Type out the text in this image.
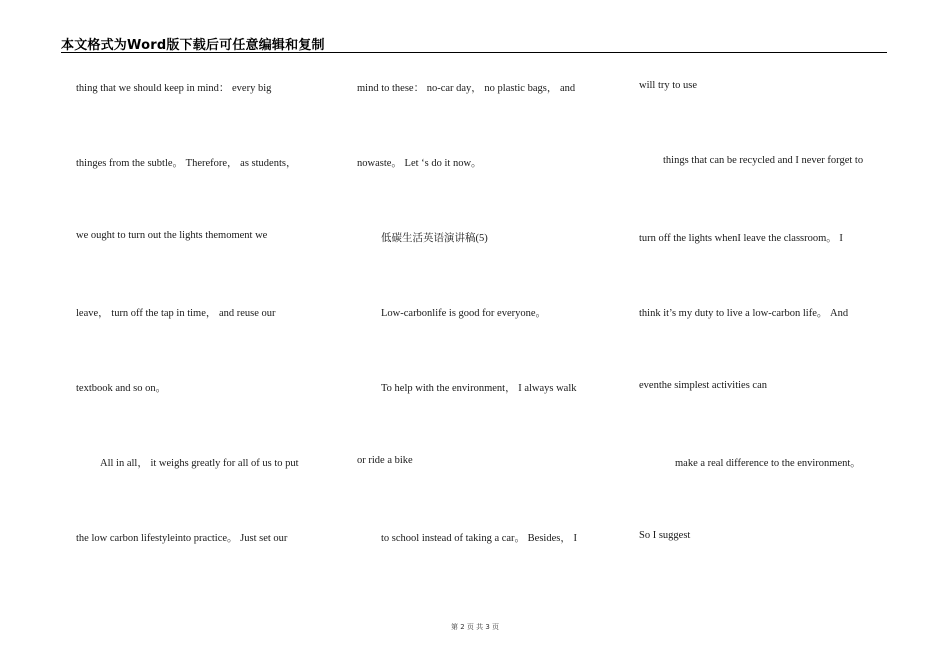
本文格式为Word版下载后可任意编辑和复制
thing that we should keep in mind： every big
thinges from the subtle。 Therefore， as students，
we ought to turn out the lights themoment we
leave， turn off the tap in time， and reuse our
textbook and so on。
All in all， it weighs greatly for all of us to put
the low carbon lifestyleinto practice。 Just set our
mind to these： no-car day， no plastic bags， and
nowaste。 Let ‘s do it now。
低碳生活英语演讲稿(5)
Low-carbonlife is good for everyone。
To help with the environment， I always walk
or ride a bike
to school instead of taking a car。 Besides， I
will try to use
things that can be recycled and I never forget to
turn off the lights whenI leave the classroom。 I
think it’s my duty to live a low-carbon life。 And
eventhe simplest activities can
make a real difference to the environment。
So I suggest
第 2 页 共 3 页
